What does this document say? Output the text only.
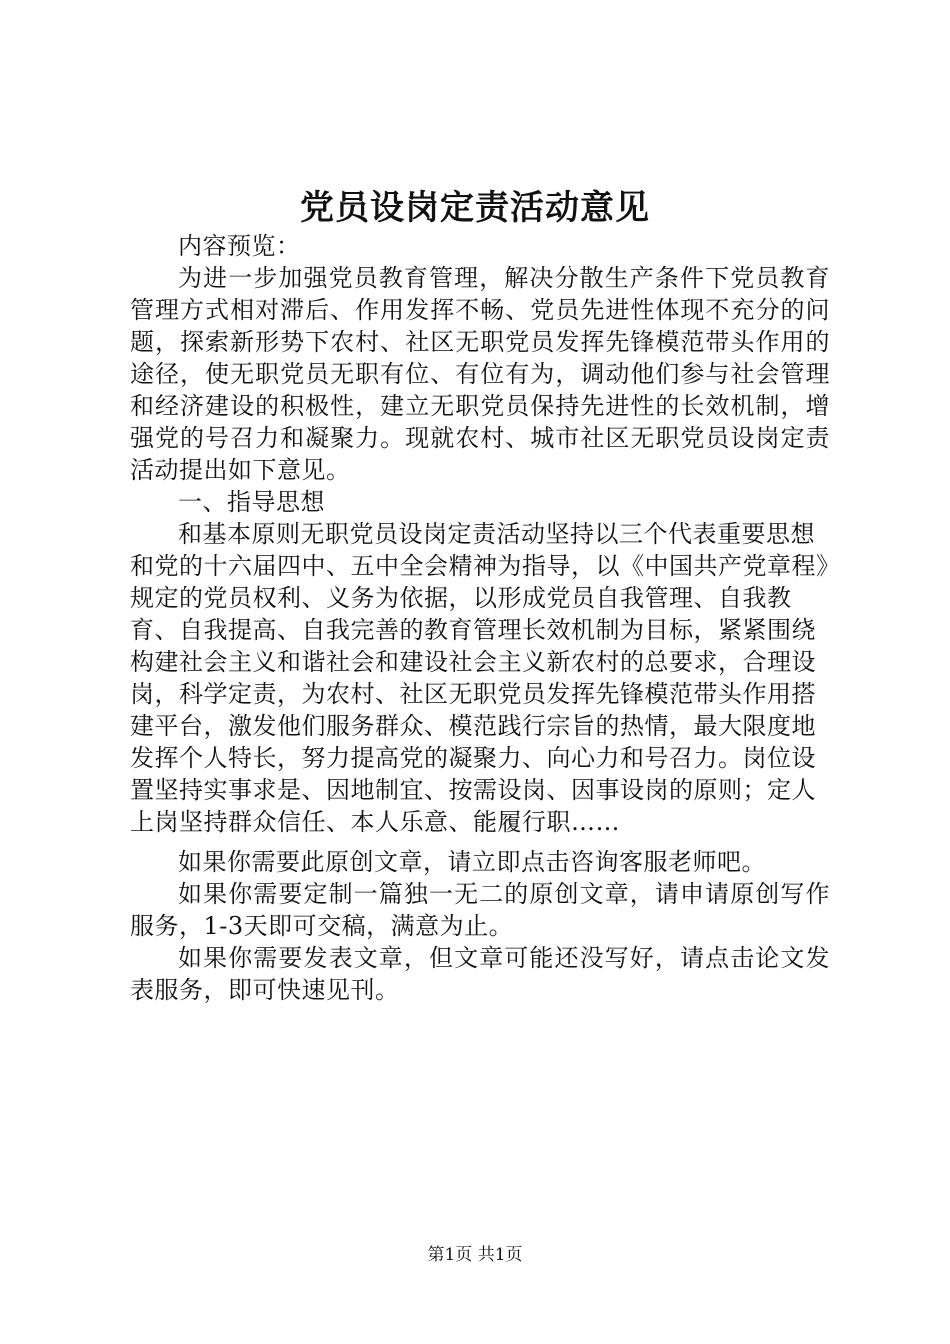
党员设岗定责活动意见

内容预览：

为进一步加强党员教育管理，解决分散生产条件下党员教育管理方式相对滞后、作用发挥不畅、党员先进性体现不充分的问题，探索新形势下农村、社区无职党员发挥先锋模范带头作用的途径，使无职党员无职有位、有位有为，调动他们参与社会管理和经济建设的积极性，建立无职党员保持先进性的长效机制，增强党的号召力和凝聚力。现就农村、城市社区无职党员设岗定责活动提出如下意见。

一、指导思想

和基本原则无职党员设岗定责活动坚持以三个代表重要思想和党的十六届四中、五中全会精神为指导，以《中国共产党章程》规定的党员权利、义务为依据，以形成党员自我管理、自我教育、自我提高、自我完善的教育管理长效机制为目标，紧紧围绕构建社会主义和谐社会和建设社会主义新农村的总要求，合理设岗，科学定责，为农村、社区无职党员发挥先锋模范带头作用搭建平台，激发他们服务群众、模范践行宗旨的热情，最大限度地发挥个人特长，努力提高党的凝聚力、向心力和号召力。岗位设置坚持实事求是、因地制宜、按需设岗、因事设岗的原则；定人上岗坚持群众信任、本人乐意、能履行职……

如果你需要此原创文章，请立即点击咨询客服老师吧。

如果你需要定制一篇独一无二的原创文章，请申请原创写作服务，1-3天即可交稿，满意为止。

如果你需要发表文章，但文章可能还没写好，请点击论文发表服务，即可快速见刊。

第1页 共1页
